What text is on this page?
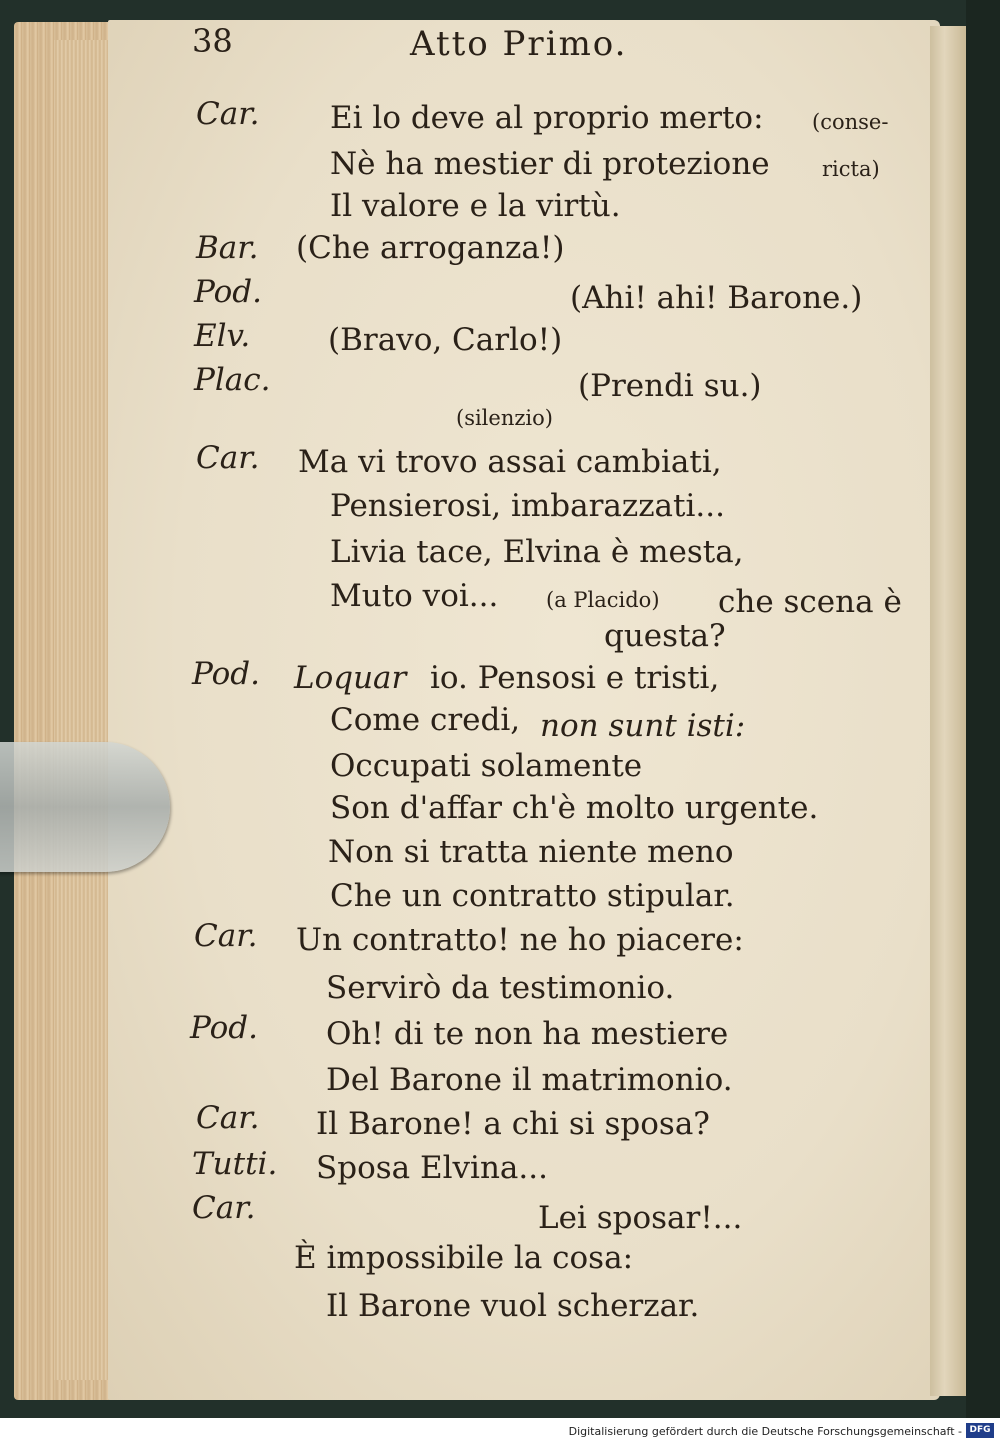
38	Atto Primo.
Car. Ei lo deve al proprio merto: (conse-
Nè ha mestier di protezione ricta)
Il valore e la virtù.
Bar. (Che arroganza!)
Pod.	(Ahi! ahi! Barone.)
Elv.	(Bravo, Carlo!)
Plac.	(Prendi su.)
(silenzio)
Car. Ma vi trovo assai cambiati,
Pensierosi, imbarazzati...
Livia tace, Elvina è mesta,
Muto voi... (a Placido) che scena è
questa?
Pod. Loquar io. Pensosi e tristi,
Come credi, non sunt isti:
Occupati solamente
Son d'affar ch'è molto urgente.
Non si tratta niente meno
Che un contratto stipular.
Car. Un contratto! ne ho piacere:
Servirò da testimonio.
Pod. Oh! di te non ha mestiere
Del Barone il matrimonio.
Car. Il Barone! a chi si sposa?
Tutti. Sposa Elvina...
Car.	Lei sposar!...
È impossibile la cosa:
Il Barone vuol scherzar.
Digitalisierung gefördert durch die Deutsche Forschungsgemeinschaft - DFG
